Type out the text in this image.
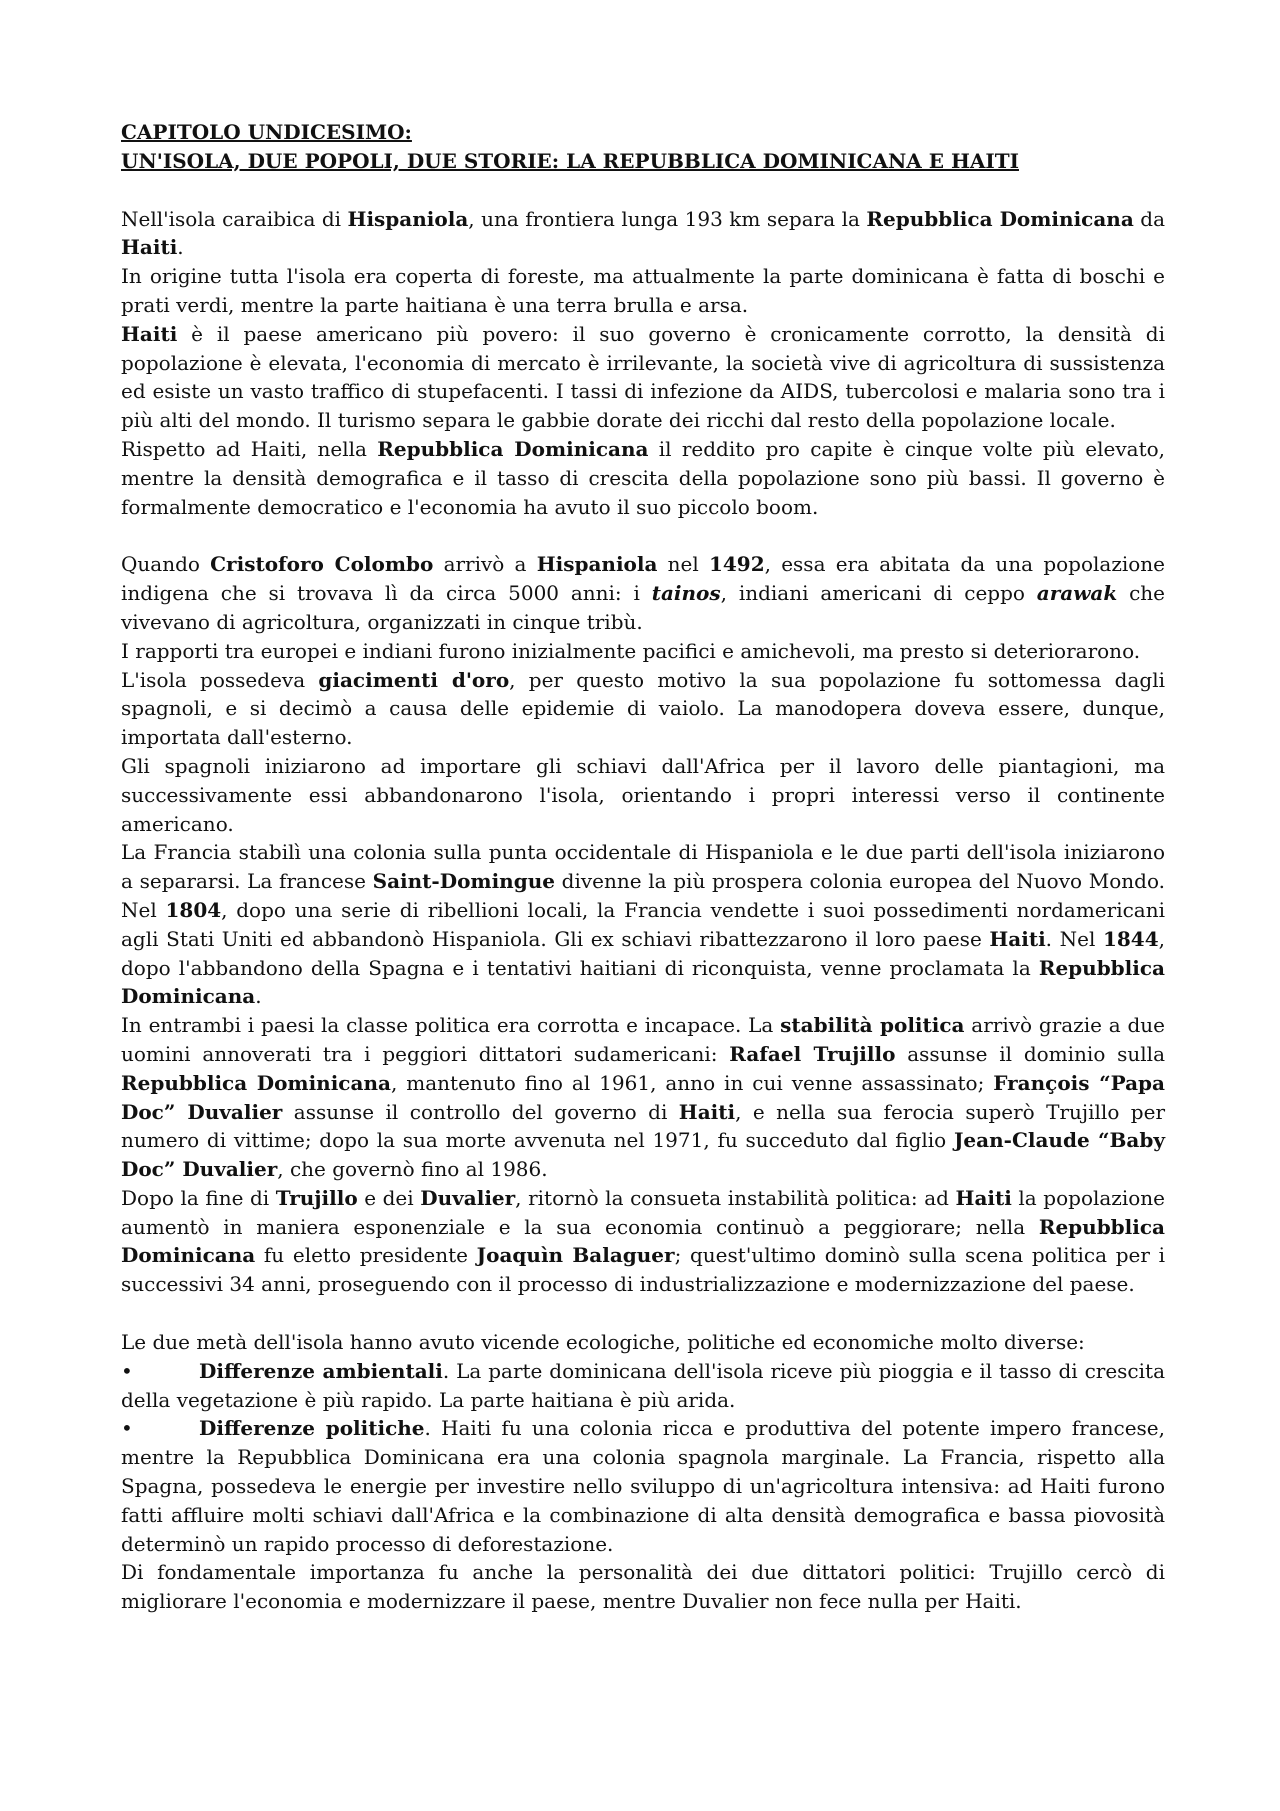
CAPITOLO UNDICESIMO:
UN'ISOLA, DUE POPOLI, DUE STORIE: LA REPUBBLICA DOMINICANA E HAITI

Nell'isola caraibica di Hispaniola, una frontiera lunga 193 km separa la Repubblica Dominicana da Haiti.

In origine tutta l'isola era coperta di foreste, ma attualmente la parte dominicana è fatta di boschi e prati verdi, mentre la parte haitiana è una terra brulla e arsa.

Haiti è il paese americano più povero: il suo governo è cronicamente corrotto, la densità di popolazione è elevata, l'economia di mercato è irrilevante, la società vive di agricoltura di sussistenza ed esiste un vasto traffico di stupefacenti. I tassi di infezione da AIDS, tubercolosi e malaria sono tra i più alti del mondo. Il turismo separa le gabbie dorate dei ricchi dal resto della popolazione locale.

Rispetto ad Haiti, nella Repubblica Dominicana il reddito pro capite è cinque volte più elevato, mentre la densità demografica e il tasso di crescita della popolazione sono più bassi. Il governo è formalmente democratico e l'economia ha avuto il suo piccolo boom.

Quando Cristoforo Colombo arrivò a Hispaniola nel 1492, essa era abitata da una popolazione indigena che si trovava lì da circa 5000 anni: i tainos, indiani americani di ceppo arawak che vivevano di agricoltura, organizzati in cinque tribù.

I rapporti tra europei e indiani furono inizialmente pacifici e amichevoli, ma presto si deteriorarono.

L'isola possedeva giacimenti d'oro, per questo motivo la sua popolazione fu sottomessa dagli spagnoli, e si decimò a causa delle epidemie di vaiolo. La manodopera doveva essere, dunque, importata dall'esterno.

Gli spagnoli iniziarono ad importare gli schiavi dall'Africa per il lavoro delle piantagioni, ma successivamente essi abbandonarono l'isola, orientando i propri interessi verso il continente americano.

La Francia stabilì una colonia sulla punta occidentale di Hispaniola e le due parti dell'isola iniziarono a separarsi. La francese Saint-Domingue divenne la più prospera colonia europea del Nuovo Mondo. Nel 1804, dopo una serie di ribellioni locali, la Francia vendette i suoi possedimenti nordamericani agli Stati Uniti ed abbandonò Hispaniola. Gli ex schiavi ribattezzarono il loro paese Haiti. Nel 1844, dopo l'abbandono della Spagna e i tentativi haitiani di riconquista, venne proclamata la Repubblica Dominicana.

In entrambi i paesi la classe politica era corrotta e incapace. La stabilità politica arrivò grazie a due uomini annoverati tra i peggiori dittatori sudamericani: Rafael Trujillo assunse il dominio sulla Repubblica Dominicana, mantenuto fino al 1961, anno in cui venne assassinato; François “Papa Doc” Duvalier assunse il controllo del governo di Haiti, e nella sua ferocia superò Trujillo per numero di vittime; dopo la sua morte avvenuta nel 1971, fu succeduto dal figlio Jean-Claude “Baby Doc” Duvalier, che governò fino al 1986.

Dopo la fine di Trujillo e dei Duvalier, ritornò la consueta instabilità politica: ad Haiti la popolazione aumentò in maniera esponenziale e la sua economia continuò a peggiorare; nella Repubblica Dominicana fu eletto presidente Joaquìn Balaguer; quest'ultimo dominò sulla scena politica per i successivi 34 anni, proseguendo con il processo di industrializzazione e modernizzazione del paese.

Le due metà dell'isola hanno avuto vicende ecologiche, politiche ed economiche molto diverse:

•	Differenze ambientali. La parte dominicana dell'isola riceve più pioggia e il tasso di crescita della vegetazione è più rapido. La parte haitiana è più arida.

•	Differenze politiche. Haiti fu una colonia ricca e produttiva del potente impero francese, mentre la Repubblica Dominicana era una colonia spagnola marginale. La Francia, rispetto alla Spagna, possedeva le energie per investire nello sviluppo di un'agricoltura intensiva: ad Haiti furono fatti affluire molti schiavi dall'Africa e la combinazione di alta densità demografica e bassa piovosità determinò un rapido processo di deforestazione.

Di fondamentale importanza fu anche la personalità dei due dittatori politici: Trujillo cercò di migliorare l'economia e modernizzare il paese, mentre Duvalier non fece nulla per Haiti.
